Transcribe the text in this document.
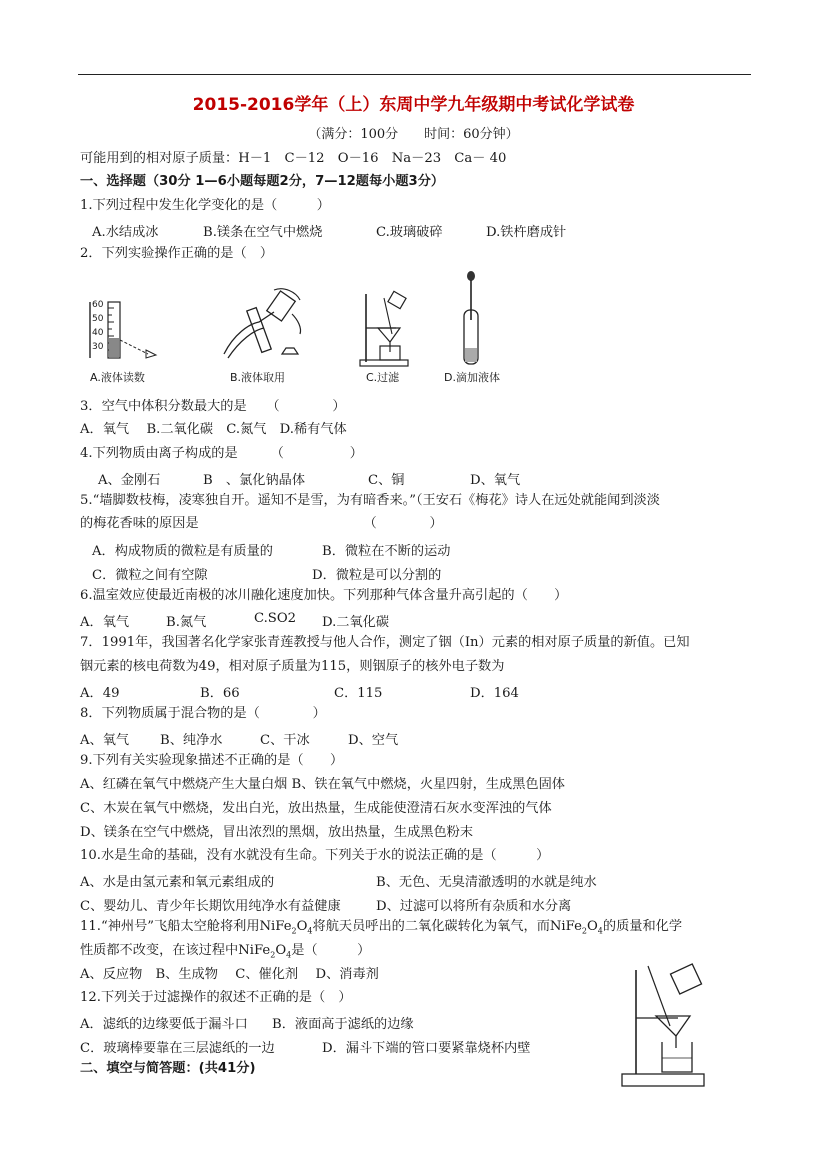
2015-2016学年（上）东周中学九年级期中考试化学试卷
（满分：100分　　时间：60分钟）
可能用到的相对原子质量：H－1　C－12　O－16　Na－23　Ca－ 40
一、选择题（30分 1—6小题每题2分，7—12题每小题3分）
1.下列过程中发生化学变化的是（　　　）
A.水结成冰	B.镁条在空气中燃烧	C.玻璃破碎	D.铁杵磨成针
2．下列实验操作正确的是（　）
60
50
40
30
A.液体读数	B.液体取用	C.过滤	D.滴加液体
3．空气中体积分数最大的是　　（　　　　）
A．氧气　 B.二氧化碳　C.氮气　D.稀有气体
4.下列物质由离子构成的是　　　（　　　　　）
A、金刚石	B　、氯化钠晶体	C、铜	D、氧气
5.“墙脚数枝梅，凌寒独自开。遥知不是雪，为有暗香来。”（王安石《梅花》诗人在远处就能闻到淡淡
的梅花香味的原因是　　　　　　　　　　　　　（　　　　）
A．构成物质的微粒是有质量的	B．微粒在不断的运动
C．微粒之间有空隙	D．微粒是可以分割的
6.温室效应使最近南极的冰川融化速度加快。下列那种气体含量升高引起的（　　）
A．氧气	B.氮气	C.SO2 D.二氧化碳
7．1991年，我国著名化学家张青莲教授与他人合作，测定了铟（In）元素的相对原子质量的新值。已知
铟元素的核电荷数为49，相对原子质量为115，则铟原子的核外电子数为
A．49	B．66	C．115	D．164
8．下列物质属于混合物的是（　　　　）
A、氧气 B、纯净水	C、干冰	D、空气
9.下列有关实验现象描述不正确的是（　　）
A、红磷在氧气中燃烧产生大量白烟 B、铁在氧气中燃烧，火星四射，生成黑色固体
C、木炭在氧气中燃烧，发出白光，放出热量，生成能使澄清石灰水变浑浊的气体
D、镁条在空气中燃烧，冒出浓烈的黑烟，放出热量，生成黑色粉末
10.水是生命的基础，没有水就没有生命。下列关于水的说法正确的是（　　　）
A、水是由氢元素和氧元素组成的	B、无色、无臭清澈透明的水就是纯水
C、婴幼儿、青少年长期饮用纯净水有益健康	D、过滤可以将所有杂质和水分离
11.“神州号”飞船太空舱将利用$NiFe_2O_4$将航天员呼出的二氧化碳转化为氧气，而$NiFe_2O_4$的质量和化学
性质都不改变，在该过程中$NiFe_2O_4$是（　　　）
A、反应物　B、生成物　 C、催化剂　 D、消毒剂
12.下列关于过滤操作的叙述不正确的是（　）
A．滤纸的边缘要低于漏斗口 B．液面高于滤纸的边缘
C．玻璃棒要靠在三层滤纸的一边	D．漏斗下端的管口要紧靠烧杯内壁
二、填空与简答题：(共41分)
